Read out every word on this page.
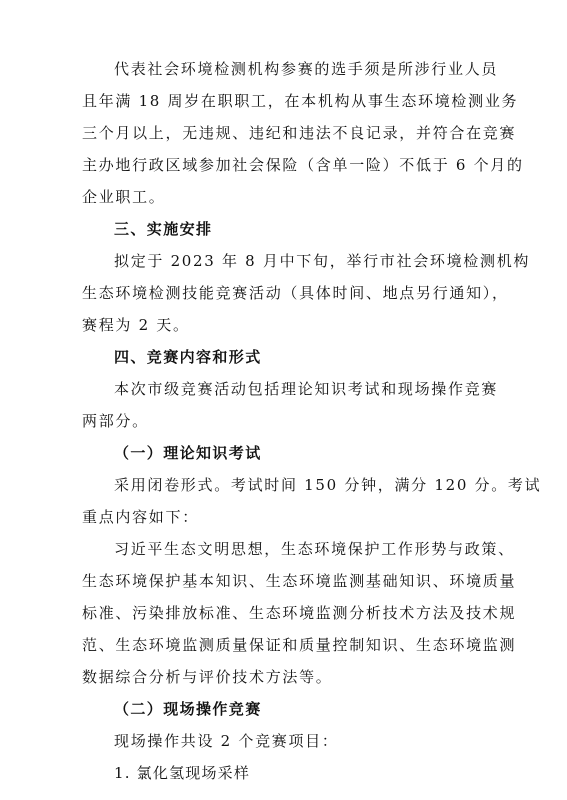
代表社会环境检测机构参赛的选手须是所涉行业人员
且年满 18 周岁在职职工，在本机构从事生态环境检测业务
三个月以上，无违规、违纪和违法不良记录，并符合在竞赛
主办地行政区域参加社会保险（含单一险）不低于 6 个月的
企业职工。
三、实施安排
拟定于 2023 年 8 月中下旬，举行市社会环境检测机构
生态环境检测技能竞赛活动（具体时间、地点另行通知），
赛程为 2 天。
四、竞赛内容和形式
本次市级竞赛活动包括理论知识考试和现场操作竞赛
两部分。
（一）理论知识考试
采用闭卷形式。考试时间 150 分钟，满分 120 分。考试
重点内容如下：
习近平生态文明思想，生态环境保护工作形势与政策、
生态环境保护基本知识、生态环境监测基础知识、环境质量
标准、污染排放标准、生态环境监测分析技术方法及技术规
范、生态环境监测质量保证和质量控制知识、生态环境监测
数据综合分析与评价技术方法等。
（二）现场操作竞赛
现场操作共设 2 个竞赛项目：
1. 氯化氢现场采样
